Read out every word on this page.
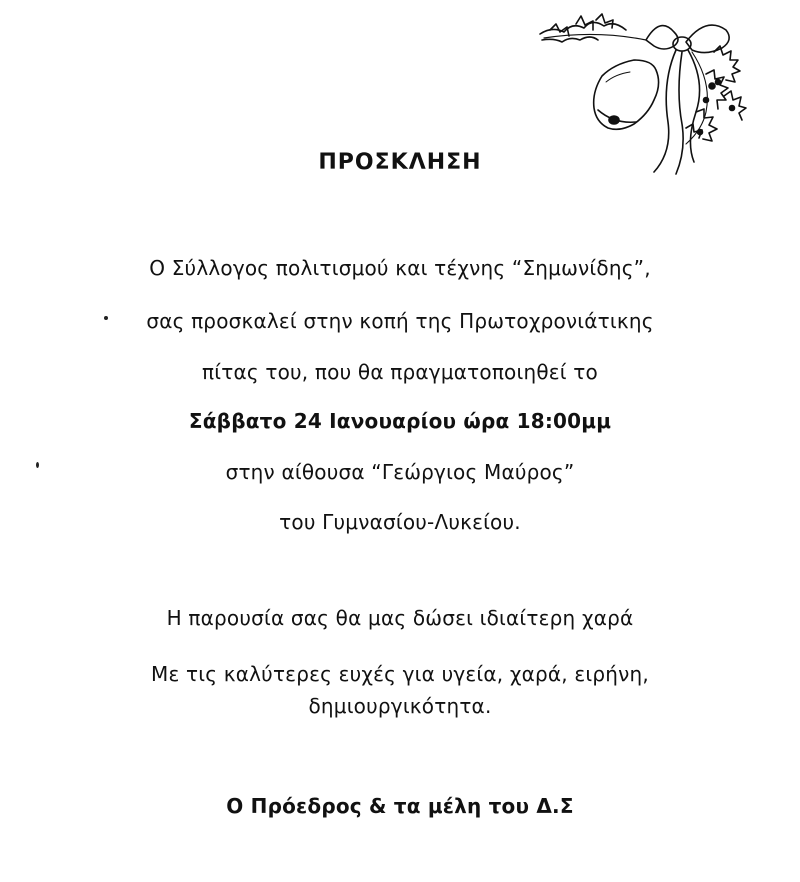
ΠΡΟΣΚΛΗΣΗ
Ο Σύλλογος πολιτισμού και τέχνης “Σημωνίδης”,
σας προσκαλεί στην κοπή της Πρωτοχρονιάτικης
πίτας του, που θα πραγματοποιηθεί το
Σάββατο 24 Ιανουαρίου ώρα 18:00μμ
στην αίθουσα “Γεώργιος Μαύρος”
του Γυμνασίου-Λυκείου.
Η παρουσία σας θα μας δώσει ιδιαίτερη χαρά
Με τις καλύτερες ευχές για υγεία, χαρά, ειρήνη,
δημιουργικότητα.
Ο Πρόεδρος & τα μέλη του Δ.Σ
